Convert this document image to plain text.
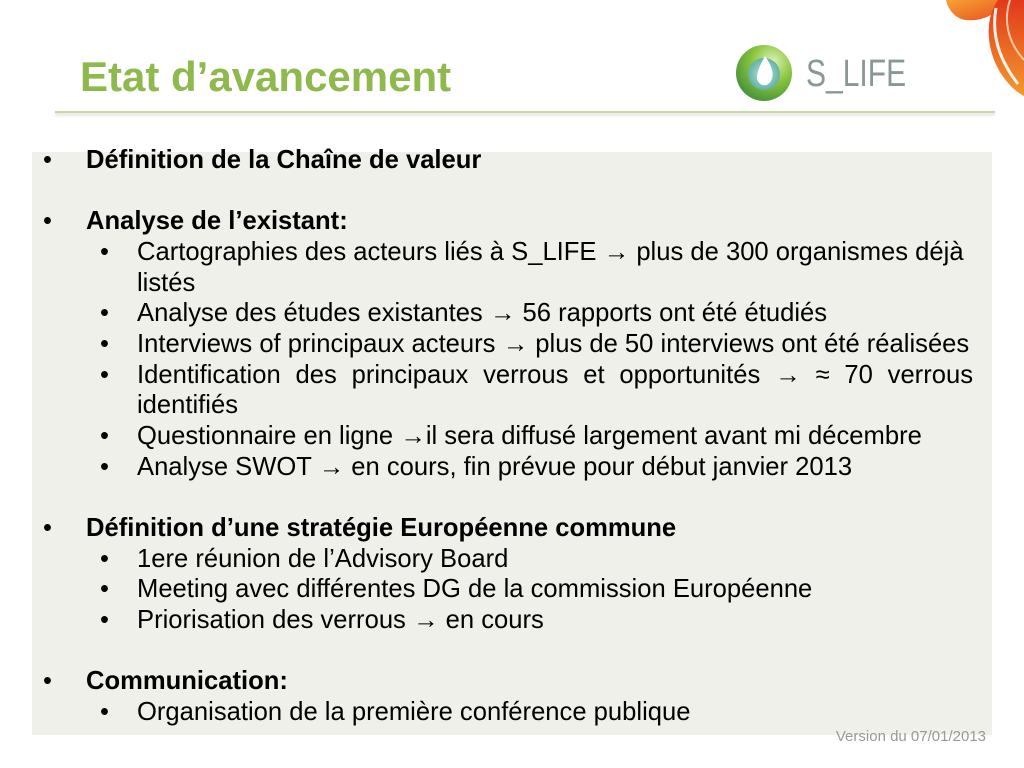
Etat d’avancement	S_LIFE
• Définition de la Chaîne de valeur
• Analyse de l’existant:
• Cartographies des acteurs liés à S_LIFE → plus de 300 organismes déjà listés
• Analyse des études existantes → 56 rapports ont été étudiés
• Interviews of principaux acteurs → plus de 50 interviews ont été réalisées
• Identification des principaux verrous et opportunités → ≈ 70 verrous identifiés
• Questionnaire en ligne →il sera diffusé largement avant mi décembre
• Analyse SWOT → en cours, fin prévue pour début janvier 2013
• Définition d’une stratégie Européenne commune
• 1ere réunion de l’Advisory Board
• Meeting avec différentes DG de la commission Européenne
• Priorisation des verrous → en cours
• Communication:
• Organisation de la première conférence publique
Version du 07/01/2013
